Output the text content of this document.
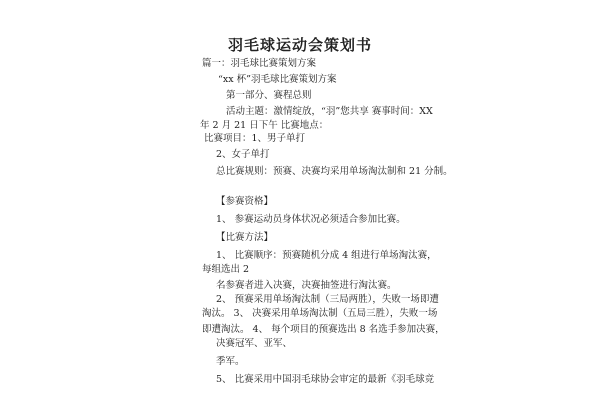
羽毛球运动会策划书
篇一：羽毛球比赛策划方案
“xx 杯”羽毛球比赛策划方案
第一部分、赛程总则
活动主题：激情绽放，“羽”您共享 赛事时间：XX
年 2 月 21 日下午 比赛地点：
比赛项目：1、男子单打
2、女子单打
总比赛规则：预赛、决赛均采用单场淘汰制和 21 分制。
【参赛资格】
1、 参赛运动员身体状况必须适合参加比赛。
【比赛方法】
1、 比赛顺序：预赛随机分成 4 组进行单场淘汰赛，
每组选出 2
名参赛者进入决赛，决赛抽签进行淘汰赛。
2、 预赛采用单场淘汰制（三局两胜），失败一场即遭
淘汰。 3、 决赛采用单场淘汰制（五局三胜），失败一场
即遭淘汰。 4、 每个项目的预赛选出 8 名选手参加决赛，
决赛冠军、亚军、
季军。
5、 比赛采用中国羽毛球协会审定的最新《羽毛球竞
